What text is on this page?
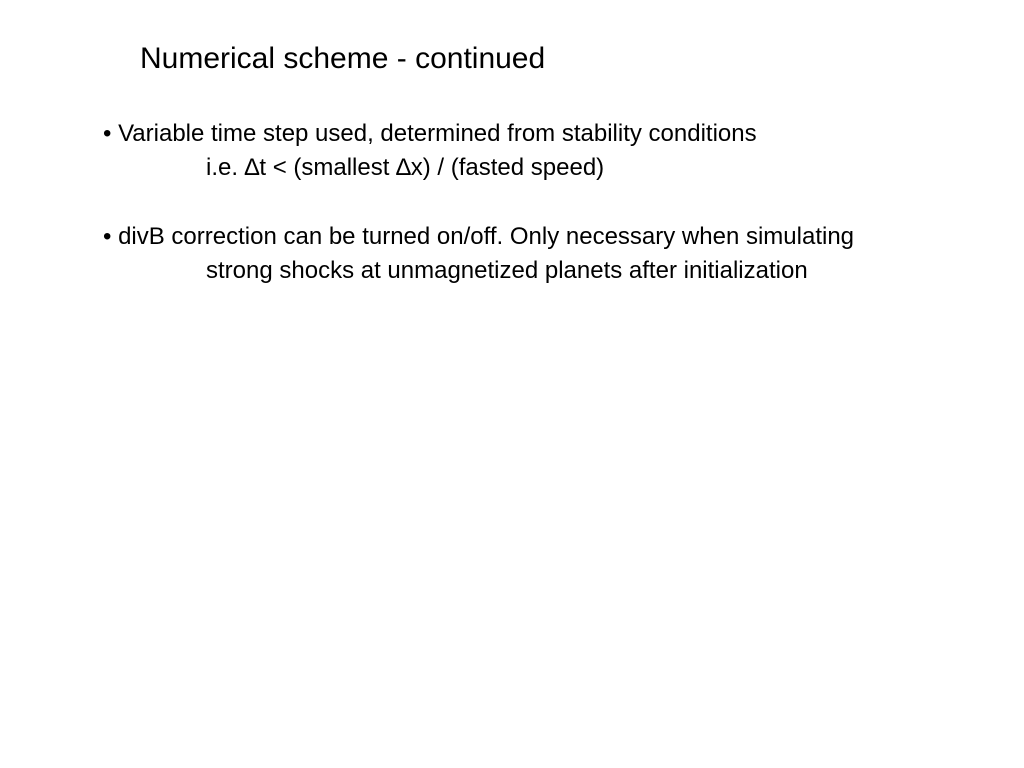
Numerical scheme - continued
• Variable time step used, determined from stability conditions
i.e. ∆t < (smallest ∆x) / (fasted speed)
• divB correction can be turned on/off. Only necessary when simulating
strong shocks at unmagnetized planets after initialization
